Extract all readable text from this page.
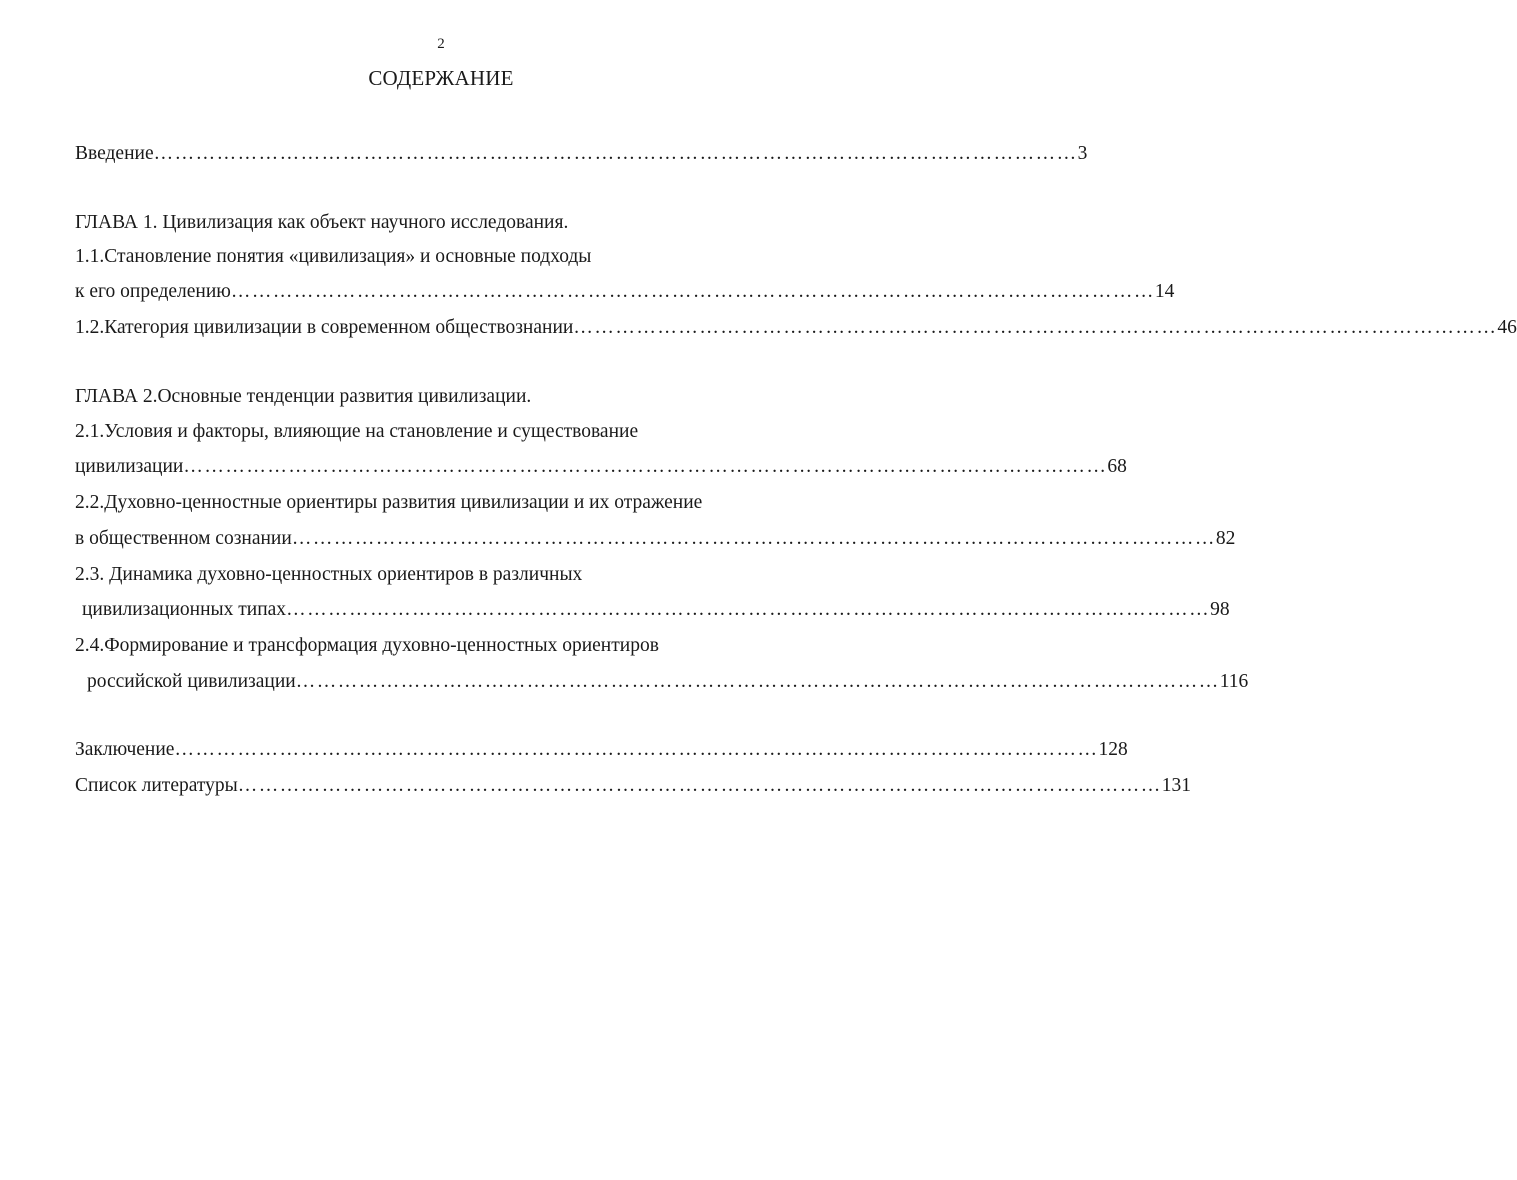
2
СОДЕРЖАНИЕ
Введение …………………………………………………………………………………………………………………… 3
ГЛАВА 1. Цивилизация как объект научного исследования.
1.1.Становление понятия «цивилизация» и основные подходы
к его определению …………………………………………………………………………………………………………………… 14
1.2.Категория цивилизации в современном обществознании …………………………………………………………………………………………………………………… 46
ГЛАВА 2.Основные тенденции развития цивилизации.
2.1.Условия и факторы, влияющие на становление и существование
цивилизации …………………………………………………………………………………………………………………… 68
2.2.Духовно-ценностные ориентиры развития цивилизации и их отражение
в общественном сознании …………………………………………………………………………………………………………………… 82
2.3. Динамика духовно-ценностных ориентиров в различных
цивилизационных типах …………………………………………………………………………………………………………………… 98
2.4.Формирование и трансформация духовно-ценностных ориентиров
российской цивилизации …………………………………………………………………………………………………………………… 116
Заключение …………………………………………………………………………………………………………………… 128
Список литературы …………………………………………………………………………………………………………………… 131
